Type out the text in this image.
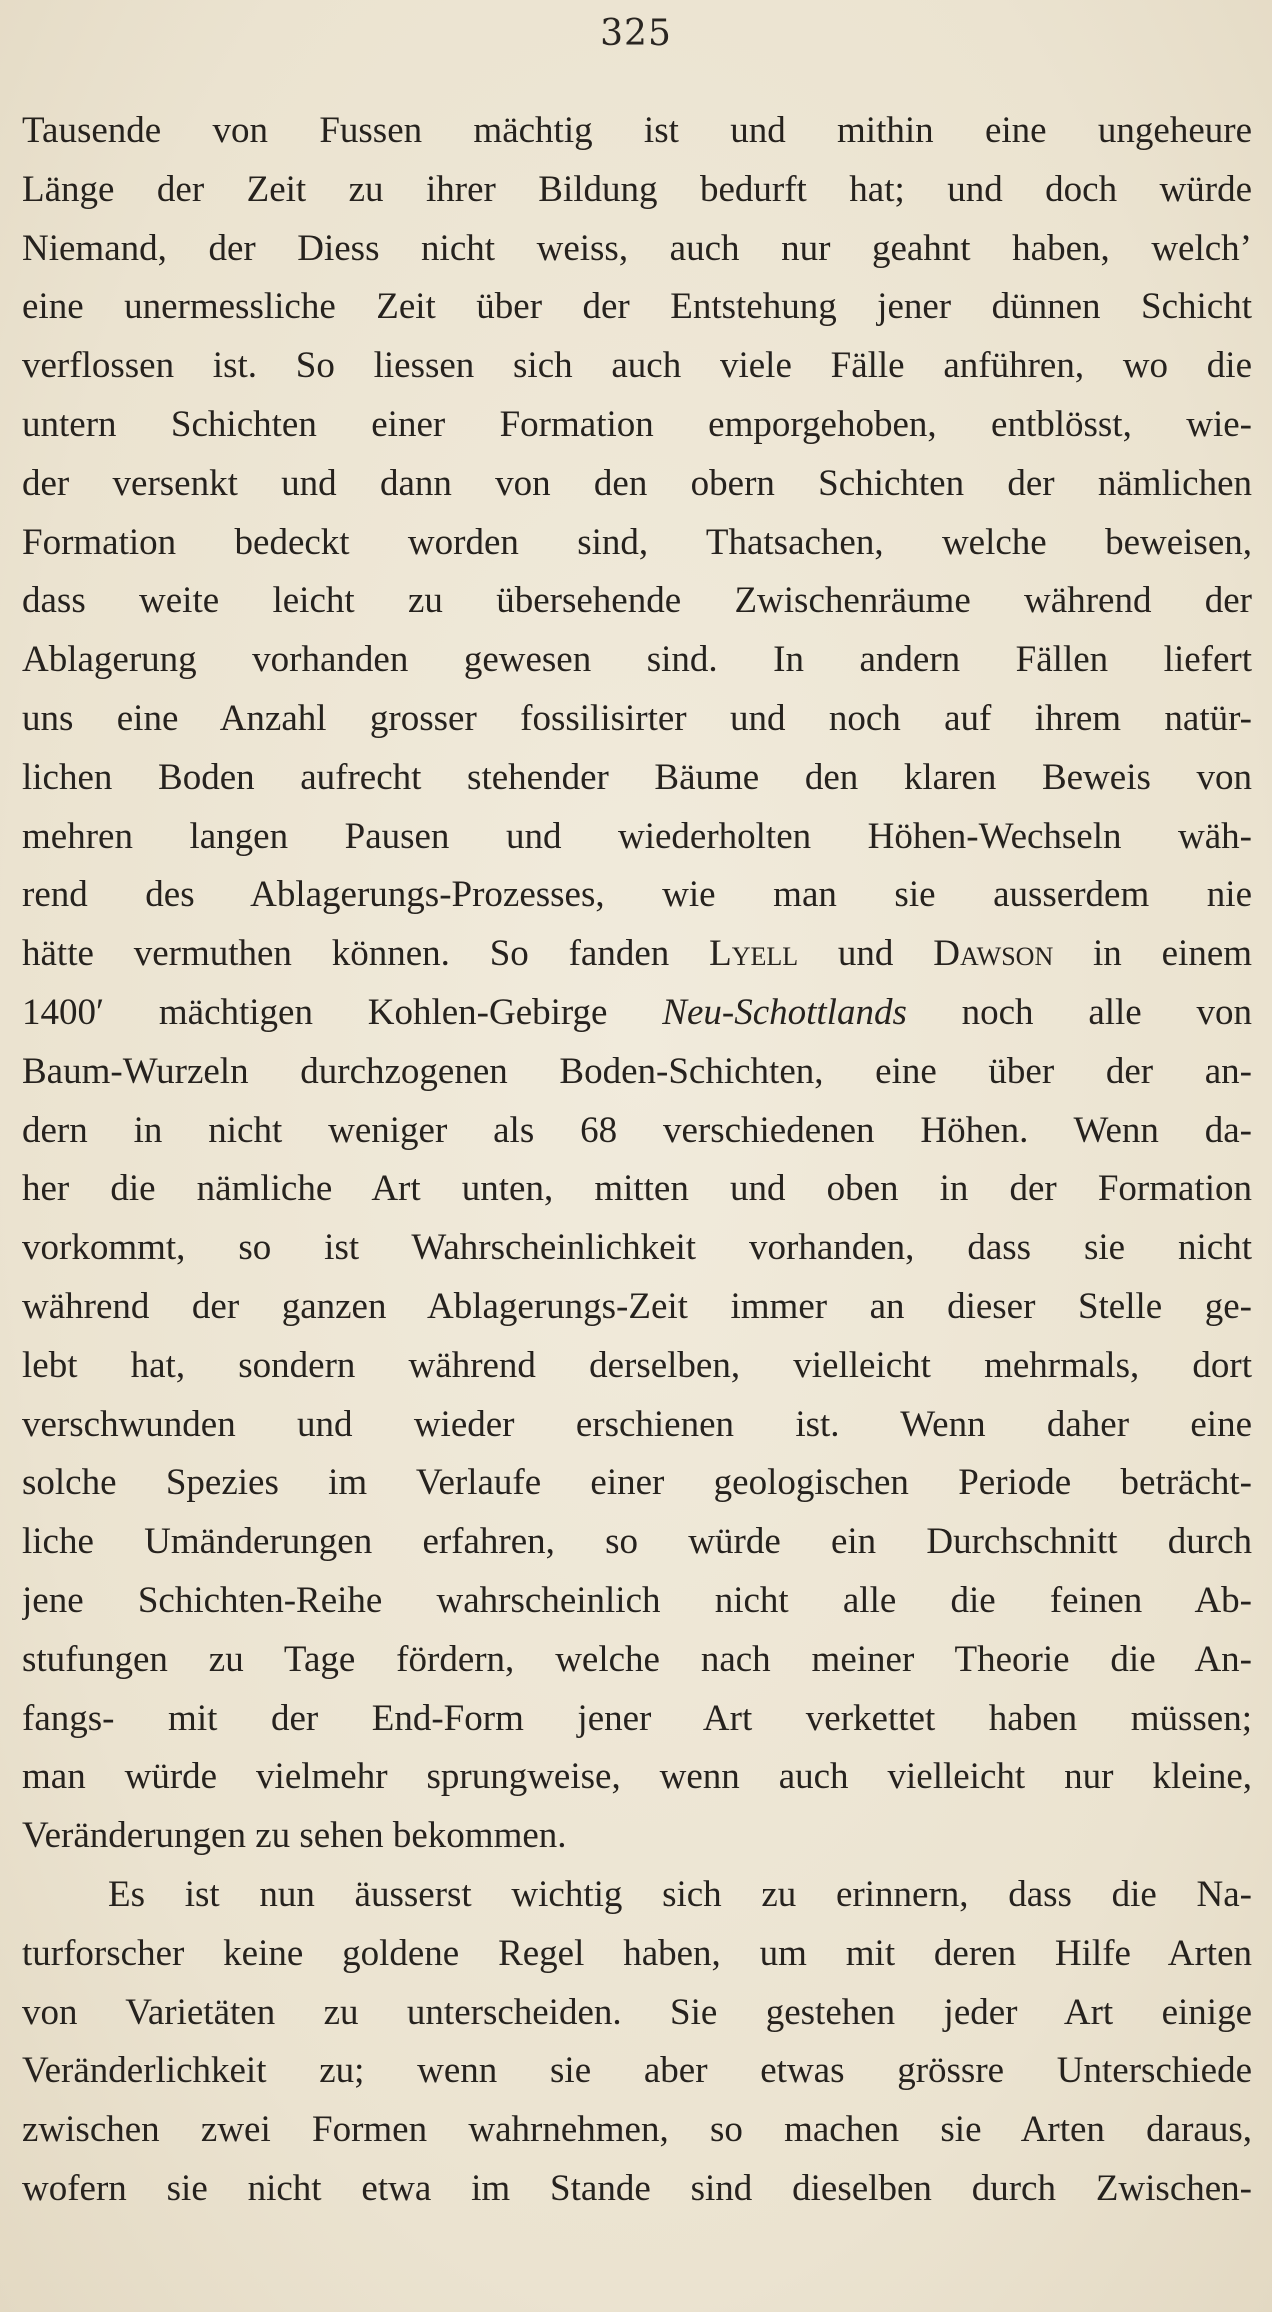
325
Tausende von Fussen mächtig ist und mithin eine ungeheure
Länge der Zeit zu ihrer Bildung bedurft hat; und doch würde
Niemand, der Diess nicht weiss, auch nur geahnt haben, welch’
eine unermessliche Zeit über der Entstehung jener dünnen Schicht
verflossen ist. So liessen sich auch viele Fälle anführen, wo die
untern Schichten einer Formation emporgehoben, entblösst, wie-
der versenkt und dann von den obern Schichten der nämlichen
Formation bedeckt worden sind, Thatsachen, welche beweisen,
dass weite leicht zu übersehende Zwischenräume während der
Ablagerung vorhanden gewesen sind. In andern Fällen liefert
uns eine Anzahl grosser fossilisirter und noch auf ihrem natür-
lichen Boden aufrecht stehender Bäume den klaren Beweis von
mehren langen Pausen und wiederholten Höhen-Wechseln wäh-
rend des Ablagerungs-Prozesses, wie man sie ausserdem nie
hätte vermuthen können. So fanden Lyell und Dawson in einem
1400′ mächtigen Kohlen-Gebirge Neu-Schottlands noch alle von
Baum-Wurzeln durchzogenen Boden-Schichten, eine über der an-
dern in nicht weniger als 68 verschiedenen Höhen. Wenn da-
her die nämliche Art unten, mitten und oben in der Formation
vorkommt, so ist Wahrscheinlichkeit vorhanden, dass sie nicht
während der ganzen Ablagerungs-Zeit immer an dieser Stelle ge-
lebt hat, sondern während derselben, vielleicht mehrmals, dort
verschwunden und wieder erschienen ist. Wenn daher eine
solche Spezies im Verlaufe einer geologischen Periode beträcht-
liche Umänderungen erfahren, so würde ein Durchschnitt durch
jene Schichten-Reihe wahrscheinlich nicht alle die feinen Ab-
stufungen zu Tage fördern, welche nach meiner Theorie die An-
fangs- mit der End-Form jener Art verkettet haben müssen;
man würde vielmehr sprungweise, wenn auch vielleicht nur kleine,
Veränderungen zu sehen bekommen.
Es ist nun äusserst wichtig sich zu erinnern, dass die Na-
turforscher keine goldene Regel haben, um mit deren Hilfe Arten
von Varietäten zu unterscheiden. Sie gestehen jeder Art einige
Veränderlichkeit zu; wenn sie aber etwas grössre Unterschiede
zwischen zwei Formen wahrnehmen, so machen sie Arten daraus,
wofern sie nicht etwa im Stande sind dieselben durch Zwischen-
